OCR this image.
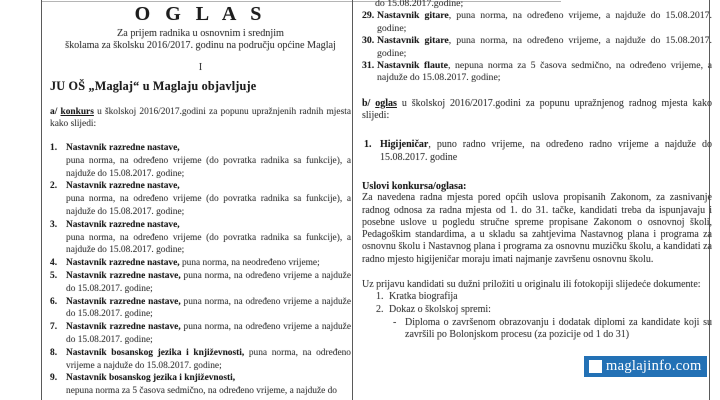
O G L A S
Za prijem radnika u osnovnim i srednjim
školama za školsku 2016/2017. godinu na području općine Maglaj
I
JU OŠ „Maglaj“ u Maglaju objavljuje
a/ konkurs u školskoj 2016/2017.godini za popunu upražnjenih radnih mjesta kako slijedi:
1. Nastavnik razredne nastave,
puna norma, na određeno vrijeme (do povratka radnika sa funkcije), a najduže do 15.08.2017. godine;
2. Nastavnik razredne nastave,
puna norma, na određeno vrijeme (do povratka radnika sa funkcije), a najduže do 15.08.2017. godine;
3. Nastavnik razredne nastave,
puna norma, na određeno vrijeme (do povratka radnika sa funkcije), a najduže do 15.08.2017. godine;
4. Nastavnik razredne nastave, puna norma, na neodređeno vrijeme;
5. Nastavnik razredne nastave, puna norma, na određeno vrijeme a najduže do 15.08.2017. godine;
6. Nastavnik razredne nastave, puna norma, na određeno vrijeme a najduže do 15.08.2017. godine;
7. Nastavnik razredne nastave, puna norma, na određeno vrijeme a najduže do 15.08.2017. godine;
8. Nastavnik bosanskog jezika i književnosti, puna norma, na određeno vrijeme a najduže do 15.08.2017. godine;
9. Nastavnik bosanskog jezika i književnosti,
nepuna norma za 5 časova sedmično, na određeno vrijeme, a najduže do
do 15.08.2017.godine;
29. Nastavnik gitare, puna norma, na određeno vrijeme, a najduže do 15.08.2017. godine;
30. Nastavnik gitare, puna norma, na određeno vrijeme, a najduže do 15.08.2017. godine;
31. Nastavnik flaute, nepuna norma za 5 časova sedmično, na određeno vrijeme, a najduže do 15.08.2017. godine;
b/ oglas u školskoj 2016/2017.godini za popunu upražnjenog radnog mjesta kako slijedi:
1. Higijeničar, puno radno vrijeme, na određeno radno vrijeme a najduže do 15.08.2017. godine
Uslovi konkursa/oglasa:
Za navedena radna mjesta pored općih uslova propisanih Zakonom, za zasnivanje radnog odnosa za radna mjesta od 1. do 31. tačke, kandidati treba da ispunjavaju i posebne uslove u pogledu stručne spreme propisane Zakonom o osnovnoj školi, Pedagoškim standardima, a u skladu sa zahtjevima Nastavnog plana i programa za osnovnu školu i Nastavnog plana i programa za osnovnu muzičku školu, a kandidati za radno mjesto higijeničar moraju imati najmanje završenu osnovnu školu.
Uz prijavu kandidati su dužni priložiti u originalu ili fotokopiji slijedeće dokumente:
1. Kratka biografija
2. Dokaz o školskoj spremi:
- Diploma o završenom obrazovanju i dodatak diplomi za kandidate koji su završili po Bolonjskom procesu (za pozicije od 1 do 31)
maglajinfo.com
